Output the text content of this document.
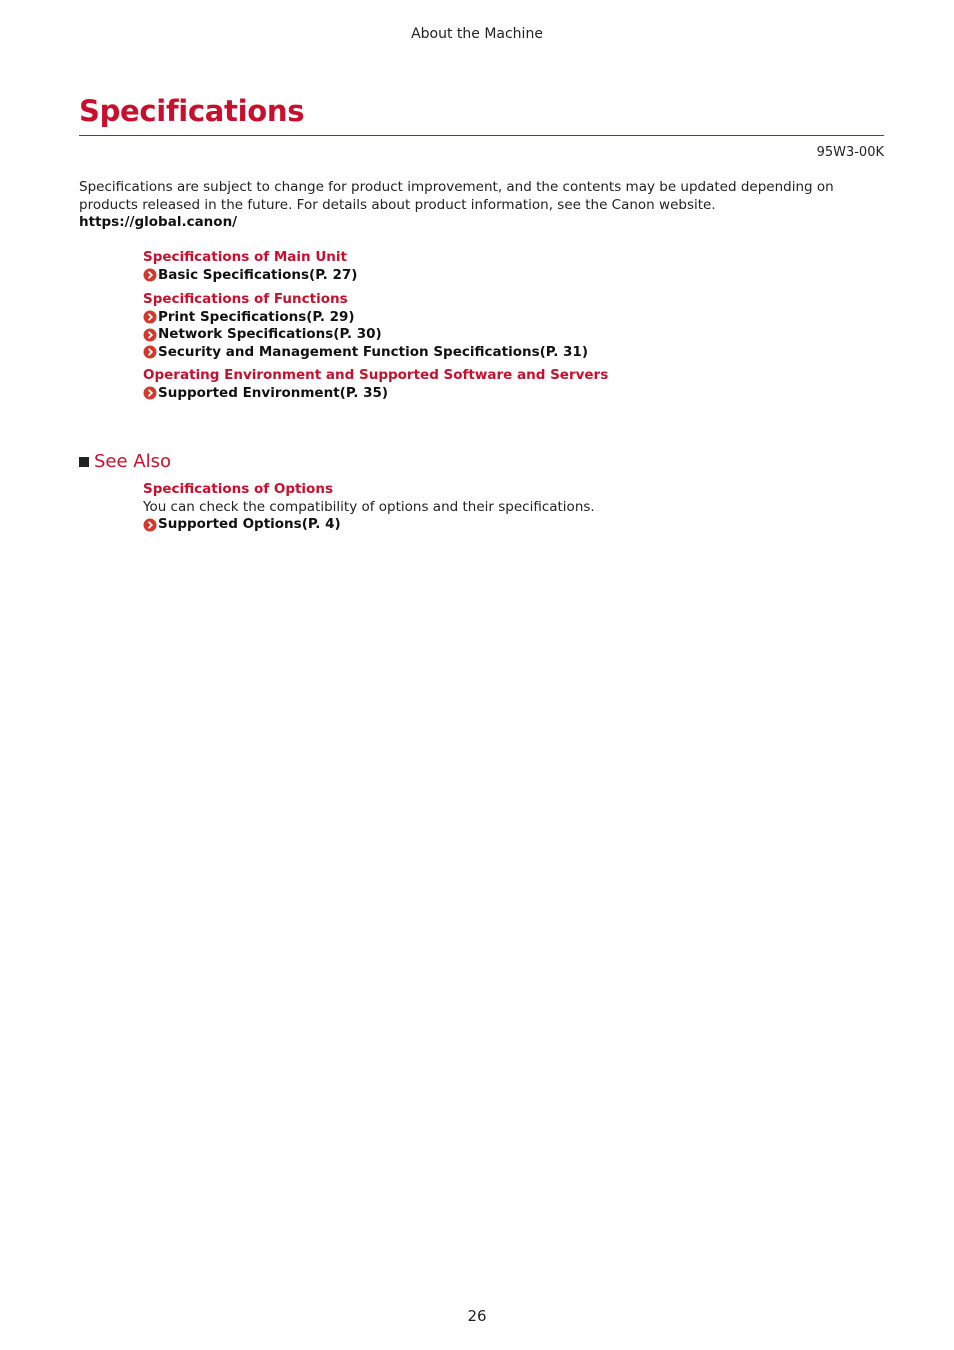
About the Machine
Specifications
95W3-00K
Specifications are subject to change for product improvement, and the contents may be updated depending on products released in the future. For details about product information, see the Canon website.
https://global.canon/
Specifications of Main Unit
Basic Specifications(P. 27)
Specifications of Functions
Print Specifications(P. 29)
Network Specifications(P. 30)
Security and Management Function Specifications(P. 31)
Operating Environment and Supported Software and Servers
Supported Environment(P. 35)
See Also
Specifications of Options
You can check the compatibility of options and their specifications.
Supported Options(P. 4)
26
